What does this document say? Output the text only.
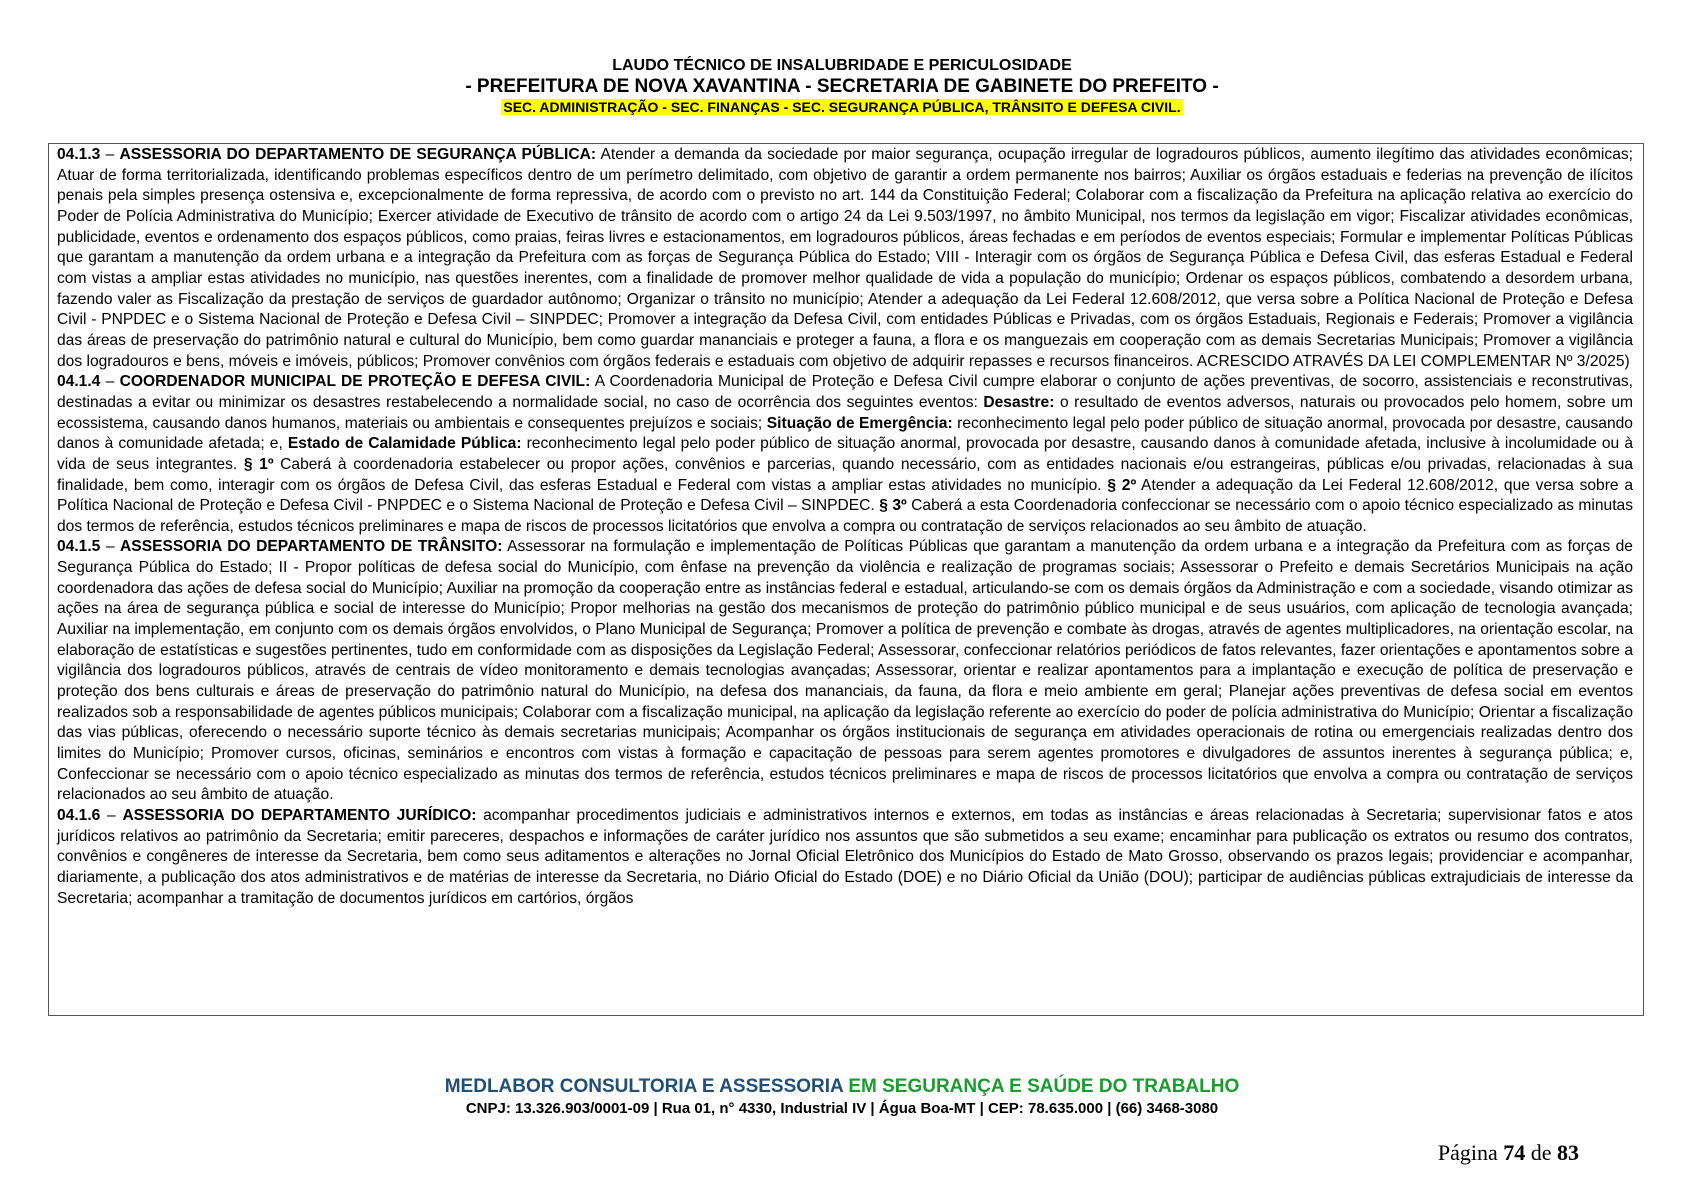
LAUDO TÉCNICO DE INSALUBRIDADE E PERICULOSIDADE
- PREFEITURA DE NOVA XAVANTINA - SECRETARIA DE GABINETE DO PREFEITO -
SEC. ADMINISTRAÇÃO - SEC. FINANÇAS - SEC. SEGURANÇA PÚBLICA, TRÂNSITO E DEFESA CIVIL.

04.1.3 – ASSESSORIA DO DEPARTAMENTO DE SEGURANÇA PÚBLICA: Atender a demanda da sociedade por maior segurança, ocupação irregular de logradouros públicos, aumento ilegítimo das atividades econômicas; Atuar de forma territorializada, identificando problemas específicos dentro de um perímetro delimitado, com objetivo de garantir a ordem permanente nos bairros; Auxiliar os órgãos estaduais e federias na prevenção de ilícitos penais pela simples presença ostensiva e, excepcionalmente de forma repressiva, de acordo com o previsto no art. 144 da Constituição Federal; Colaborar com a fiscalização da Prefeitura na aplicação relativa ao exercício do Poder de Polícia Administrativa do Município; Exercer atividade de Executivo de trânsito de acordo com o artigo 24 da Lei 9.503/1997, no âmbito Municipal, nos termos da legislação em vigor; Fiscalizar atividades econômicas, publicidade, eventos e ordenamento dos espaços públicos, como praias, feiras livres e estacionamentos, em logradouros públicos, áreas fechadas e em períodos de eventos especiais; Formular e implementar Políticas Públicas que garantam a manutenção da ordem urbana e a integração da Prefeitura com as forças de Segurança Pública do Estado; VIII - Interagir com os órgãos de Segurança Pública e Defesa Civil, das esferas Estadual e Federal com vistas a ampliar estas atividades no município, nas questões inerentes, com a finalidade de promover melhor qualidade de vida a população do município; Ordenar os espaços públicos, combatendo a desordem urbana, fazendo valer as Fiscalização da prestação de serviços de guardador autônomo; Organizar o trânsito no município; Atender a adequação da Lei Federal 12.608/2012, que versa sobre a Política Nacional de Proteção e Defesa Civil - PNPDEC e o Sistema Nacional de Proteção e Defesa Civil – SINPDEC; Promover a integração da Defesa Civil, com entidades Públicas e Privadas, com os órgãos Estaduais, Regionais e Federais; Promover a vigilância das áreas de preservação do patrimônio natural e cultural do Município, bem como guardar mananciais e proteger a fauna, a flora e os manguezais em cooperação com as demais Secretarias Municipais; Promover a vigilância dos logradouros e bens, móveis e imóveis, públicos; Promover convênios com órgãos federais e estaduais com objetivo de adquirir repasses e recursos financeiros. ACRESCIDO ATRAVÉS DA LEI COMPLEMENTAR Nº 3/2025)

04.1.4 – COORDENADOR MUNICIPAL DE PROTEÇÃO E DEFESA CIVIL: A Coordenadoria Municipal de Proteção e Defesa Civil cumpre elaborar o conjunto de ações preventivas, de socorro, assistenciais e reconstrutivas, destinadas a evitar ou minimizar os desastres restabelecendo a normalidade social, no caso de ocorrência dos seguintes eventos: Desastre: o resultado de eventos adversos, naturais ou provocados pelo homem, sobre um ecossistema, causando danos humanos, materiais ou ambientais e consequentes prejuízos e sociais; Situação de Emergência: reconhecimento legal pelo poder público de situação anormal, provocada por desastre, causando danos à comunidade afetada; e, Estado de Calamidade Pública: reconhecimento legal pelo poder público de situação anormal, provocada por desastre, causando danos à comunidade afetada, inclusive à incolumidade ou à vida de seus integrantes. § 1º Caberá à coordenadoria estabelecer ou propor ações, convênios e parcerias, quando necessário, com as entidades nacionais e/ou estrangeiras, públicas e/ou privadas, relacionadas à sua finalidade, bem como, interagir com os órgãos de Defesa Civil, das esferas Estadual e Federal com vistas a ampliar estas atividades no município. § 2º Atender a adequação da Lei Federal 12.608/2012, que versa sobre a Política Nacional de Proteção e Defesa Civil - PNPDEC e o Sistema Nacional de Proteção e Defesa Civil – SINPDEC. § 3º Caberá a esta Coordenadoria confeccionar se necessário com o apoio técnico especializado as minutas dos termos de referência, estudos técnicos preliminares e mapa de riscos de processos licitatórios que envolva a compra ou contratação de serviços relacionados ao seu âmbito de atuação.

04.1.5 – ASSESSORIA DO DEPARTAMENTO DE TRÂNSITO: Assessorar na formulação e implementação de Políticas Públicas que garantam a manutenção da ordem urbana e a integração da Prefeitura com as forças de Segurança Pública do Estado; II - Propor políticas de defesa social do Município, com ênfase na prevenção da violência e realização de programas sociais; Assessorar o Prefeito e demais Secretários Municipais na ação coordenadora das ações de defesa social do Município; Auxiliar na promoção da cooperação entre as instâncias federal e estadual, articulando-se com os demais órgãos da Administração e com a sociedade, visando otimizar as ações na área de segurança pública e social de interesse do Município; Propor melhorias na gestão dos mecanismos de proteção do patrimônio público municipal e de seus usuários, com aplicação de tecnologia avançada; Auxiliar na implementação, em conjunto com os demais órgãos envolvidos, o Plano Municipal de Segurança; Promover a política de prevenção e combate às drogas, através de agentes multiplicadores, na orientação escolar, na elaboração de estatísticas e sugestões pertinentes, tudo em conformidade com as disposições da Legislação Federal; Assessorar, confeccionar relatórios periódicos de fatos relevantes, fazer orientações e apontamentos sobre a vigilância dos logradouros públicos, através de centrais de vídeo monitoramento e demais tecnologias avançadas; Assessorar, orientar e realizar apontamentos para a implantação e execução de política de preservação e proteção dos bens culturais e áreas de preservação do patrimônio natural do Município, na defesa dos mananciais, da fauna, da flora e meio ambiente em geral; Planejar ações preventivas de defesa social em eventos realizados sob a responsabilidade de agentes públicos municipais; Colaborar com a fiscalização municipal, na aplicação da legislação referente ao exercício do poder de polícia administrativa do Município; Orientar a fiscalização das vias públicas, oferecendo o necessário suporte técnico às demais secretarias municipais; Acompanhar os órgãos institucionais de segurança em atividades operacionais de rotina ou emergenciais realizadas dentro dos limites do Município; Promover cursos, oficinas, seminários e encontros com vistas à formação e capacitação de pessoas para serem agentes promotores e divulgadores de assuntos inerentes à segurança pública; e, Confeccionar se necessário com o apoio técnico especializado as minutas dos termos de referência, estudos técnicos preliminares e mapa de riscos de processos licitatórios que envolva a compra ou contratação de serviços relacionados ao seu âmbito de atuação.

04.1.6 – ASSESSORIA DO DEPARTAMENTO JURÍDICO: acompanhar procedimentos judiciais e administrativos internos e externos, em todas as instâncias e áreas relacionadas à Secretaria; supervisionar fatos e atos jurídicos relativos ao patrimônio da Secretaria; emitir pareceres, despachos e informações de caráter jurídico nos assuntos que são submetidos a seu exame; encaminhar para publicação os extratos ou resumo dos contratos, convênios e congêneres de interesse da Secretaria, bem como seus aditamentos e alterações no Jornal Oficial Eletrônico dos Municípios do Estado de Mato Grosso, observando os prazos legais; providenciar e acompanhar, diariamente, a publicação dos atos administrativos e de matérias de interesse da Secretaria, no Diário Oficial do Estado (DOE) e no Diário Oficial da União (DOU); participar de audiências públicas extrajudiciais de interesse da Secretaria; acompanhar a tramitação de documentos jurídicos em cartórios, órgãos

MEDLABOR CONSULTORIA E ASSESSORIA EM SEGURANÇA E SAÚDE DO TRABALHO
CNPJ: 13.326.903/0001-09 | Rua 01, n° 4330, Industrial IV | Água Boa-MT | CEP: 78.635.000 | (66) 3468-3080
Página 74 de 83
